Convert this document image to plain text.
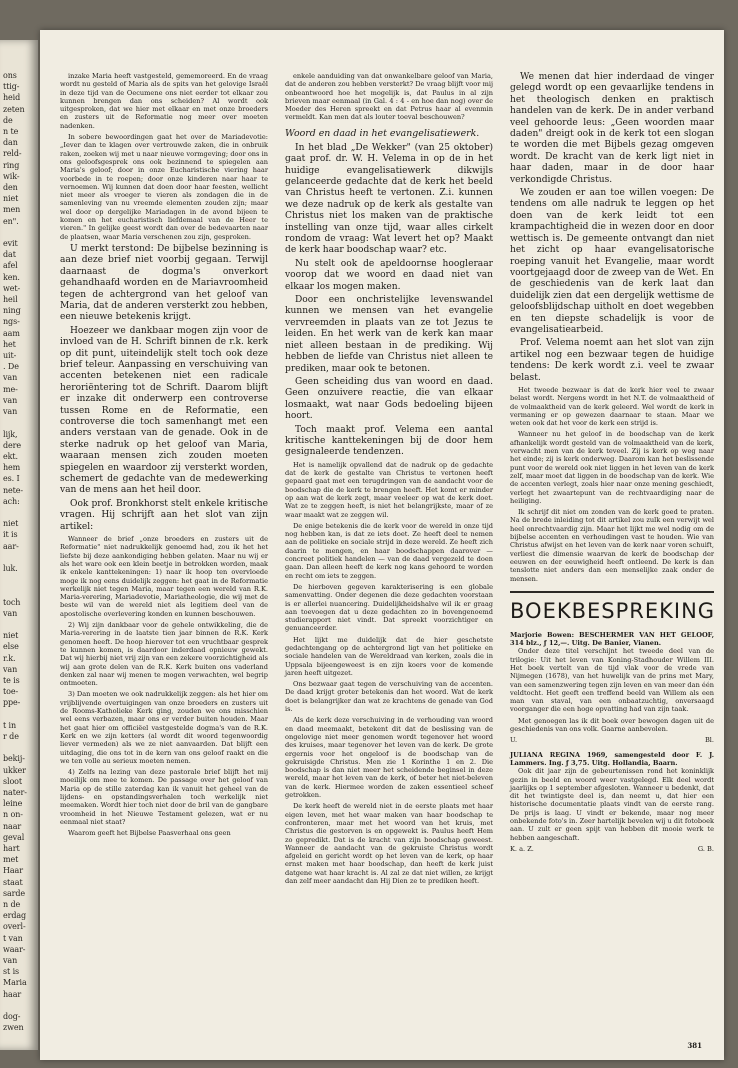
ons
ttig-
heid
zeten
de
n te
dan
reld-
ring
wik-
den
niet
men
en".

evit
dat
afel
ken.
wet-
heil
ning
ngs-
aam
het
uit-
. De
van
me-
van
van

lijk,
dere
ekt.
hem
es. I
nete-
ach:

niet
it is
aar-

luk.

toch
van

niet
else
r.k.
van
te is
toe-
ppe-

t in
r de

bekij-
ukker
sloot
nater-
leine
n on-
naar
geval
hart
met
Haar
staat
sarde
n de
erdag
overl-
t van
waar-
van
st is
Maria
haar

dog-
zwen

inzake Maria heeft vastgesteld, gememoreerd. En de vraag wordt nu gesteld of Maria als de spits van het gelovige Israël in deze tijd van de Oecumene ons niet eerder tot elkaar zou kunnen brengen dan ons scheiden? Al wordt ook uitgesproken, dat we hier met elkaar en met onze broeders en zusters uit de Reformatie nog meer over moeten nadenken.

In sobere bewoordingen gaat het over de Mariadevotie: „Iever dan te klagen over vertrouwde zaken, die in onbruik raken, zoeken wij met u naar nieuwe vormgeving; door ons in ons geloofsgesprek ons ook bezinnend te spiegelen aan Maria's geloof; door in onze Eucharistische viering haar voorbede in te roepen; door onze kinderen naar haar te vernoemen. Wij kunnen dat doen door haar feesten, wellicht niet meer als vroeger te vieren als zondagen die in de samenleving van nu vreemde elementen zouden zijn; maar wel door op dergelijke Mariadagen in de avond bijeen te komen en het eucharistisch liefdemaal van de Heer te vieren." In gelijke geest wordt dan over de bedevaarten naar de plaatsen, waar Maria verschenen zou zijn, gesproken.

U merkt terstond: De bijbelse bezinning is aan deze brief niet voorbij gegaan. Terwijl daarnaast de dogma's onverkort gehandhaafd worden en de Mariavroomheid tegen de achtergrond van het geloof van Maria, dat de anderen versterkt zou hebben, een nieuwe betekenis krijgt.

Hoezeer we dankbaar mogen zijn voor de invloed van de H. Schrift binnen de r.k. kerk op dit punt, uiteindelijk stelt toch ook deze brief teleur. Aanpassing en verschuiving van accenten betekenen niet een radicale heroriëntering tot de Schrift. Daarom blijft er inzake dit onderwerp een controverse tussen Rome en de Reformatie, een controverse die toch samenhangt met een anders verstaan van de genade. Ook in de sterke nadruk op het geloof van Maria, waaraan mensen zich zouden moeten spiegelen en waardoor zij versterkt worden, schemert de gedachte van de medewerking van de mens aan het heil door.

Ook prof. Bronkhorst stelt enkele kritische vragen. Hij schrijft aan het slot van zijn artikel:

Wanneer de brief „onze broeders en zusters uit de Reformatie" niet nadrukkelijk genoemd had, zou ik het het liefste bij deze aankondiging hebben gelaten. Maar nu wij er als het ware ook een klein beetje in betrokken worden, maak ik enkele kanttekeningen: 1) naar ik hoop ten overvloede moge ik nog eens duidelijk zeggen: het gaat in de Reformatie werkelijk niet tegen Maria, maar tegen een wereld van R.K. Maria-verering, Mariadevotie, Mariatheologie, die wij met de beste wil van de wereld niet als legitiem deel van de apostolische overlevering konden en kunnen beschouwen.

2) Wij zijn dankbaar voor de gehele ontwikkeling, die de Maria-verering in de laatste tien jaar binnen de R.K. Kerk genomen heeft. De hoop hierover tot een vruchtbaar gesprek te kunnen komen, is daardoor inderdaad opnieuw gewekt. Dat wij hierbij niet vrij zijn van een zekere voorzichtigheid als wij aan grote delen van de R.K. Kerk buiten ons vaderland denken zal naar wij menen te mogen verwachten, wel begrip ontmoeten.

3) Dan moeten we ook nadrukkelijk zeggen: als het hier om vrijblijvende overtuigingen van onze broeders en zusters uit de Rooms-Katholieke Kerk ging, zouden we ons misschien wel eens verbazen, maar ons er verder buiten houden. Maar het gaat hier om officiëel vastgestelde dogma's van de R.K. Kerk en we zijn ketters (al wordt dit woord tegenwoordig liever vermeden) als we ze niet aanvaarden. Dat blijft een uitdaging, die ons tot in de kern van ons geloof raakt en die we ten volle au serieux moeten nemen.

4) Zelfs na lezing van deze pastorale brief blijft het mij moeilijk om mee te komen. De passage over het geloof van Maria op de stille zaterdag kan ik vanuit het geheel van de lijdens- en opstandingsverhalen toch werkelijk niet meemaken. Wordt hier toch niet door de bril van de gangbare vroomheid in het Nieuwe Testament gelezen, wat er nu eenmaal niet staat?

Waarom geeft het Bijbelse Paasverhaal ons geen

enkele aanduiding van dat onwankelbare geloof van Maria, dat de anderen zou hebben versterkt? De vraag blijft voor mij onbeantwoord hoe het mogelijk is, dat Paulus in al zijn brieven maar eenmaal (in Gal. 4 : 4 - en hoe dan nog) over de Moeder des Heren spreekt en dat Petrus haar al evenmin vermeldt. Kan men dat als louter toeval beschouwen?

Woord en daad in het evangelisatiewerk.

In het blad „De Wekker" (van 25 oktober) gaat prof. dr. W. H. Velema in op de in het huidige evangelisatiewerk dikwijls gelanceerde gedachte dat de kerk het beeld van Christus heeft te vertonen. Z.i. kunnen we deze nadruk op de kerk als gestalte van Christus niet los maken van de praktische instelling van onze tijd, waar alles cirkelt rondom de vraag: Wat levert het op? Maakt de kerk haar boodschap waar? etc.

Nu stelt ook de apeldoornse hoogleraar voorop dat we woord en daad niet van elkaar los mogen maken.

Door een onchristelijke levenswandel kunnen we mensen van het evangelie vervreemden in plaats van ze tot Jezus te leiden. En het werk van de kerk kan maar niet alleen bestaan in de prediking. Wij hebben de liefde van Christus niet alleen te prediken, maar ook te betonen.

Geen scheiding dus van woord en daad. Geen onzuivere reactie, die van elkaar losmaakt, wat naar Gods bedoeling bijeen hoort.

Toch maakt prof. Velema een aantal kritische kanttekeningen bij de door hem gesignaleerde tendenzen.

Het is namelijk opvallend dat de nadruk op de gedachte dat de kerk de gestalte van Christus te vertonen heeft gepaard gaat met een terugdringen van de aandacht voor de boodschap die de kerk te brengen heeft. Het komt er minder op aan wat de kerk zegt, maar veeleer op wat de kerk doet. Wat ze te zeggen heeft, is niet het belangrijkste, maar of ze waar maakt wat ze zeggen wil.

De enige betekenis die de kerk voor de wereld in onze tijd nog hebben kan, is dat ze iets doet. Ze heeft deel te nemen aan de politieke en sociale strijd in deze wereld. Ze heeft zich daarin te mengen, en haar boodschappen daarover — concreet politiek handelen — van de daad vergezeld te doen gaan. Dan alleen heeft de kerk nog kans gehoord te worden en recht om iets te zeggen.

De hierboven gegeven karakterisering is een globale samenvatting. Onder degenen die deze gedachten voorstaan is er allerlei nuancering. Duidelijkheidshalve wil ik er graag aan toevoegen dat u deze gedachten zo in bovengenoemd studierapport niet vindt. Dat spreekt voorzichtiger en genuanceerder.

Het lijkt me duidelijk dat de hier geschetste gedachtengang op de achtergrond ligt van het politieke en sociale handelen van de Wereldraad van kerken, zoals die in Uppsala bijeengeweest is en zijn koers voor de komende jaren heeft uitgezet.

Ons bezwaar gaat tegen de verschuiving van de accenten. De daad krijgt groter betekenis dan het woord. Wat de kerk doet is belangrijker dan wat ze krachtens de genade van God is.

Als de kerk deze verschuiving in de verhouding van woord en daad meemaakt, betekent dit dat de beslissing van de ongelovige niet meer genomen wordt tegenover het woord des kruises, maar tegenover het leven van de kerk. De grote ergernis voor het ongeloof is de boodschap van de gekruisigde Christus. Men zie 1 Korinthe 1 en 2. Die boodschap is dan niet meer het scheidende beginsel in deze wereld, maar het leven van de kerk, of beter het niet-beleven van de kerk. Hiermee worden de zaken essentieel scheef getrokken.

De kerk heeft de wereld niet in de eerste plaats met haar eigen leven, met het waar maken van haar boodschap te confronteren, maar met het woord van het kruis, met Christus die gestorven is en opgewekt is. Paulus heeft Hem zo gepredikt. Dat is de kracht van zijn boodschap geweest. Wanneer de aandacht van de gekruiste Christus wordt afgeleid en gericht wordt op het leven van de kerk, op haar ernst maken met haar boodschap, dan heeft de kerk juist datgene wat haar kracht is. Al zal ze dat niet willen, ze krijgt dan zelf meer aandacht dan Hij Dien ze te prediken heeft.

We menen dat hier inderdaad de vinger gelegd wordt op een gevaarlijke tendens in het theologisch denken en praktisch handelen van de kerk. De in ander verband veel gehoorde leus: „Geen woorden maar daden" dreigt ook in de kerk tot een slogan te worden die met Bijbels gezag omgeven wordt. De kracht van de kerk ligt niet in haar daden, maar in de door haar verkondigde Christus.

We zouden er aan toe willen voegen: De tendens om alle nadruk te leggen op het doen van de kerk leidt tot een krampachtigheid die in wezen door en door wettisch is. De gemeente ontvangt dan niet het zicht op haar evangelisatorische roeping vanuit het Evangelie, maar wordt voortgejaagd door de zweep van de Wet. En de geschiedenis van de kerk laat dan duidelijk zien dat een dergelijk wettisme de geloofsblijdschap uitholt en doet wegebben en ten diepste schadelijk is voor de evangelisatiearbeid.

Prof. Velema noemt aan het slot van zijn artikel nog een bezwaar tegen de huidige tendens: De kerk wordt z.i. veel te zwaar belast.

Het tweede bezwaar is dat de kerk hier veel te zwaar belast wordt. Nergens wordt in het N.T. de volmaaktheid of de volmaaktheid van de kerk geleerd. Wel wordt de kerk in vermaning er op gewezen daarnaar te staan. Maar we weten ook dat het voor de kerk een strijd is.

Wanneer nu het geloof in de boodschap van de kerk afhankelijk wordt gesteld van de volmaaktheid van de kerk, verwacht men van de kerk teveel. Zij is kerk op weg naar het einde; zij is kerk onderweg. Daarom kan het beslissende punt voor de wereld ook niet liggen in het leven van de kerk zelf, maar moet dat liggen in de boodschap van de kerk. Wie de accenten verlegt, zoals hier naar onze mening geschiedt, verlegt het zwaartepunt van de rechtvaardiging naar de heiliging.

Ik schrijf dit niet om zonden van de kerk goed te praten. Na de brede inleiding tot dit artikel zou zulk een verwijt wel heel onrechtvaardig zijn. Maar het lijkt me wel nodig om de bijbelse accenten en verhoudingen vast te houden. Wie van Christus afwijst en het leven van de kerk naar voren schuift, verliest die dimensie waarvan de kerk de boodschap der eeuwen en der eeuwigheid heeft ontleend. De kerk is dan tenslotte niet anders dan een menselijke zaak onder de mensen.

BOEKBESPREKING
Marjorie Bowen: BESCHERMER VAN HET GELOOF, 314 blz., ƒ 12,—. Uitg. De Banier, Vianen.

Onder deze titel verschijnt het tweede deel van de trilogie: Uit het leven van Koning-Stadhouder Willem III. Het boek vertelt van de tijd vlak voor de vrede van Nijmegen (1678), van het huwelijk van de prins met Mary, van een samenzwering tegen zijn leven en van meer dan één veldtocht. Het geeft een treffend beeld van Willem als een man van staval, van een onbaatzuchtig, onversaagd voorganger die een hoge opvatting had van zijn taak.

Met genoegen las ik dit boek over bewogen dagen uit de geschiedenis van ons volk. Gaarne aanbevolen.

U.	Bl.
JULIANA REGINA 1969, samengesteld door F. J. Lammers. Ing. ƒ 3,75. Uitg. Hollandia, Baarn.

Ook dit jaar zijn de gebeurtenissen rond het koninklijk gezin in beeld en woord weer vastgelegd. Elk deel wordt jaarlijks op 1 september afgesloten. Wanneer u bedenkt, dat dit het twintigste deel is, dan neemt u, dat hier een historische documentatie plaats vindt van de eerste rang. De prijs is laag. U vindt er bekende, maar nog meer onbekende foto's in. Zeer hartelijk bevelen wij u dit fotoboek aan. U zult er geen spijt van hebben dit mooie werk te hebben aangeschaft.

K. a. Z.	G. B.
381
